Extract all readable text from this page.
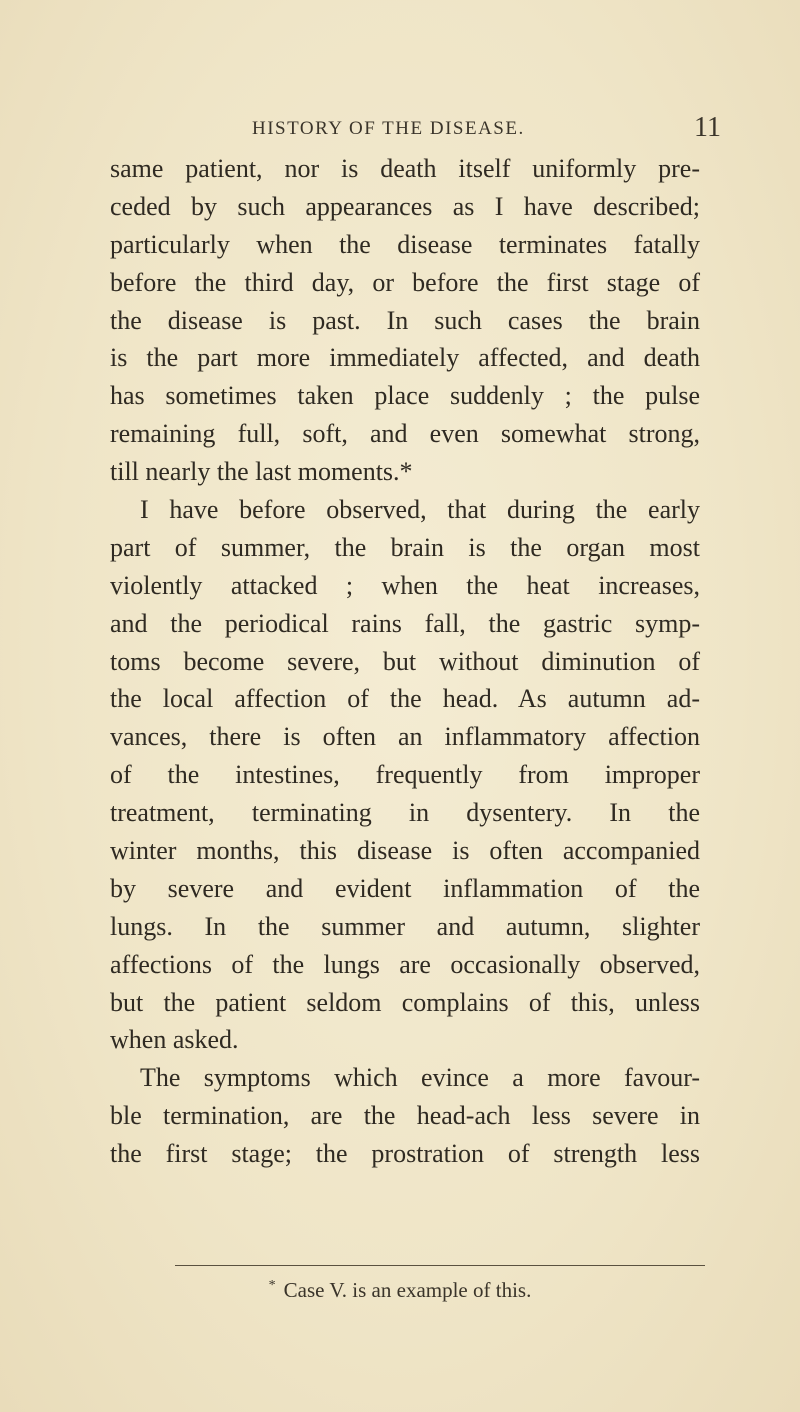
HISTORY OF THE DISEASE.	11
same patient, nor is death itself uniformly pre-
ceded by such appearances as I have described;
particularly when the disease terminates fatally
before the third day, or before the first stage of
the disease is past. In such cases the brain
is the part more immediately affected, and death
has sometimes taken place suddenly ; the pulse
remaining full, soft, and even somewhat strong,
till nearly the last moments.*
I have before observed, that during the early
part of summer, the brain is the organ most
violently attacked ; when the heat increases,
and the periodical rains fall, the gastric symp-
toms become severe, but without diminution of
the local affection of the head. As autumn ad-
vances, there is often an inflammatory affection
of the intestines, frequently from improper
treatment, terminating in dysentery. In the
winter months, this disease is often accompanied
by severe and evident inflammation of the
lungs. In the summer and autumn, slighter
affections of the lungs are occasionally observed,
but the patient seldom complains of this, unless
when asked.
The symptoms which evince a more favour-
ble termination, are the head-ach less severe in
the first stage; the prostration of strength less
* Case V. is an example of this.
